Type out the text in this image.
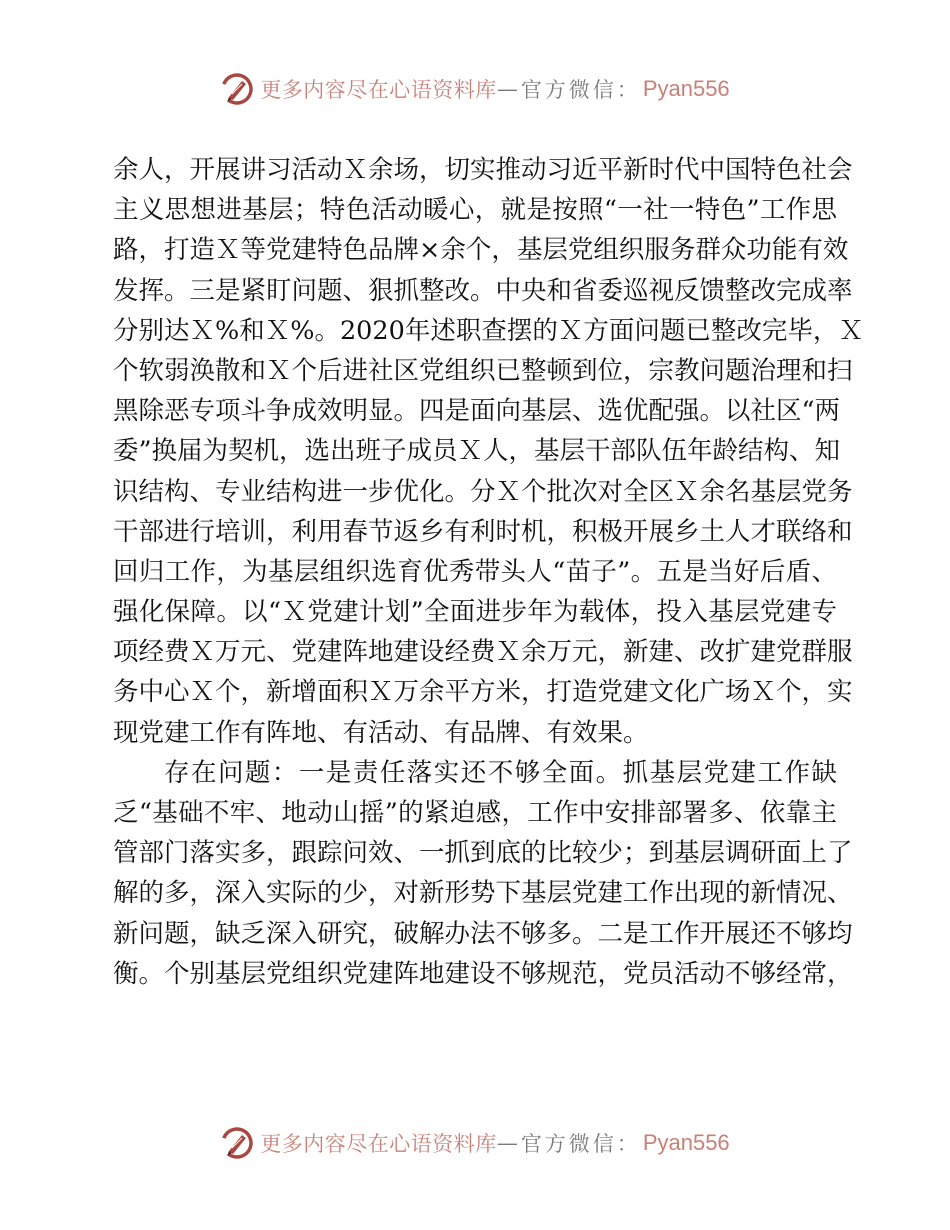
更多内容尽在心语资料库 — 官方微信： Pyan556
余人，开展讲习活动Ｘ余场，切实推动习近平新时代中国特色社会
主义思想进基层；特色活动暖心，就是按照“一社一特色”工作思
路，打造Ｘ等党建特色品牌×余个，基层党组织服务群众功能有效
发挥。三是紧盯问题、狠抓整改。中央和省委巡视反馈整改完成率
分别达Ｘ%和Ｘ%。2020年述职查摆的Ｘ方面问题已整改完毕，Ｘ
个软弱涣散和Ｘ个后进社区党组织已整顿到位，宗教问题治理和扫
黑除恶专项斗争成效明显。四是面向基层、选优配强。以社区“两
委”换届为契机，选出班子成员Ｘ人，基层干部队伍年龄结构、知
识结构、专业结构进一步优化。分Ｘ个批次对全区Ｘ余名基层党务
干部进行培训，利用春节返乡有利时机，积极开展乡土人才联络和
回归工作，为基层组织选育优秀带头人“苗子”。五是当好后盾、
强化保障。以“Ｘ党建计划”全面进步年为载体，投入基层党建专
项经费Ｘ万元、党建阵地建设经费Ｘ余万元，新建、改扩建党群服
务中心Ｘ个，新增面积Ｘ万余平方米，打造党建文化广场Ｘ个，实
现党建工作有阵地、有活动、有品牌、有效果。
存在问题：一是责任落实还不够全面。抓基层党建工作缺
乏“基础不牢、地动山摇”的紧迫感，工作中安排部署多、依靠主
管部门落实多，跟踪问效、一抓到底的比较少；到基层调研面上了
解的多，深入实际的少，对新形势下基层党建工作出现的新情况、
新问题，缺乏深入研究，破解办法不够多。二是工作开展还不够均
衡。个别基层党组织党建阵地建设不够规范，党员活动不够经常，
更多内容尽在心语资料库 — 官方微信： Pyan556
